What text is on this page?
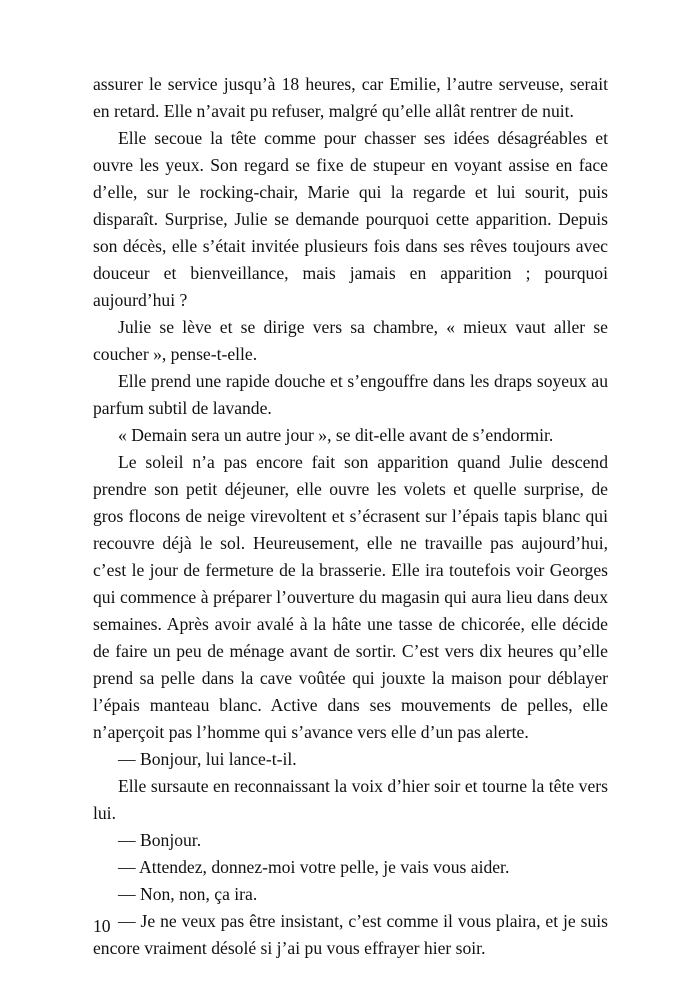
assurer le service jusqu’à 18 heures, car Emilie, l’autre serveuse, serait en retard. Elle n’avait pu refuser, malgré qu’elle allât rentrer de nuit.

Elle secoue la tête comme pour chasser ses idées désagréables et ouvre les yeux. Son regard se fixe de stupeur en voyant assise en face d’elle, sur le rocking-chair, Marie qui la regarde et lui sourit, puis disparaît. Surprise, Julie se demande pourquoi cette apparition. Depuis son décès, elle s’était invitée plusieurs fois dans ses rêves toujours avec douceur et bienveillance, mais jamais en apparition ; pourquoi aujourd’hui ?

Julie se lève et se dirige vers sa chambre, « mieux vaut aller se coucher », pense-t-elle.

Elle prend une rapide douche et s’engouffre dans les draps soyeux au parfum subtil de lavande.

« Demain sera un autre jour », se dit-elle avant de s’endormir.

Le soleil n’a pas encore fait son apparition quand Julie descend prendre son petit déjeuner, elle ouvre les volets et quelle surprise, de gros flocons de neige virevoltent et s’écrasent sur l’épais tapis blanc qui recouvre déjà le sol. Heureusement, elle ne travaille pas aujourd’hui, c’est le jour de fermeture de la brasserie. Elle ira toutefois voir Georges qui commence à préparer l’ouverture du magasin qui aura lieu dans deux semaines. Après avoir avalé à la hâte une tasse de chicorée, elle décide de faire un peu de ménage avant de sortir. C’est vers dix heures qu’elle prend sa pelle dans la cave voûtée qui jouxte la maison pour déblayer l’épais manteau blanc. Active dans ses mouvements de pelles, elle n’aperçoit pas l’homme qui s’avance vers elle d’un pas alerte.

— Bonjour, lui lance-t-il.

Elle sursaute en reconnaissant la voix d’hier soir et tourne la tête vers lui.

— Bonjour.

— Attendez, donnez-moi votre pelle, je vais vous aider.

— Non, non, ça ira.

— Je ne veux pas être insistant, c’est comme il vous plaira, et je suis encore vraiment désolé si j’ai pu vous effrayer hier soir.

10
